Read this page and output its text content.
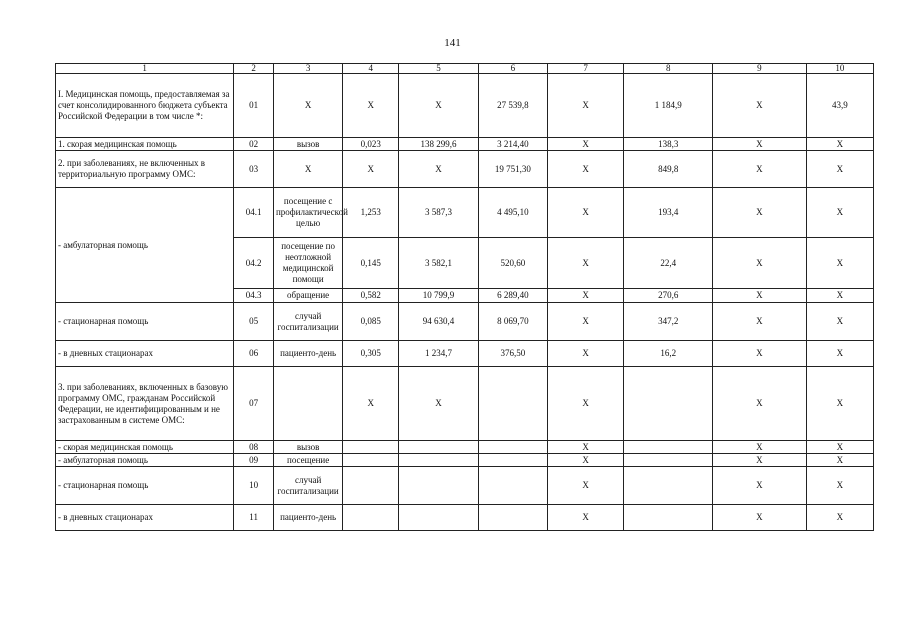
141
1	2	3	4	5	6	7	8	9	10
I. Медицинская помощь, предоставляемая за счет консолидированного бюджета субъекта Российской Федерации в том числе *:	01	X	X	X	27 539,8	X	1 184,9	X	43,9
1. скорая медицинская помощь	02	вызов	0,023	138 299,6	3 214,40	X	138,3	X	X
2. при заболеваниях, не включенных в территориальную программу ОМС:	03	X	X	X	19 751,30	X	849,8	X	X
- амбулаторная помощь	04.1	посещение с профилактической целью	1,253	3 587,3	4 495,10	X	193,4	X	X
	04.2	посещение по неотложной медицинской помощи	0,145	3 582,1	520,60	X	22,4	X	X
	04.3	обращение	0,582	10 799,9	6 289,40	X	270,6	X	X
- стационарная помощь	05	случай госпитализации	0,085	94 630,4	8 069,70	X	347,2	X	X
- в дневных стационарах	06	пациенто-день	0,305	1 234,7	376,50	X	16,2	X	X
3. при заболеваниях, включенных в базовую программу ОМС, гражданам Российской Федерации, не идентифицированным и не застрахованным в системе ОМС:	07		X	X		X		X	X
- скорая медицинская помощь	08	вызов				X		X	X
- амбулаторная помощь	09	посещение				X		X	X
- стационарная помощь	10	случай госпитализации				X		X	X
- в дневных стационарах	11	пациенто-день				X		X	X
